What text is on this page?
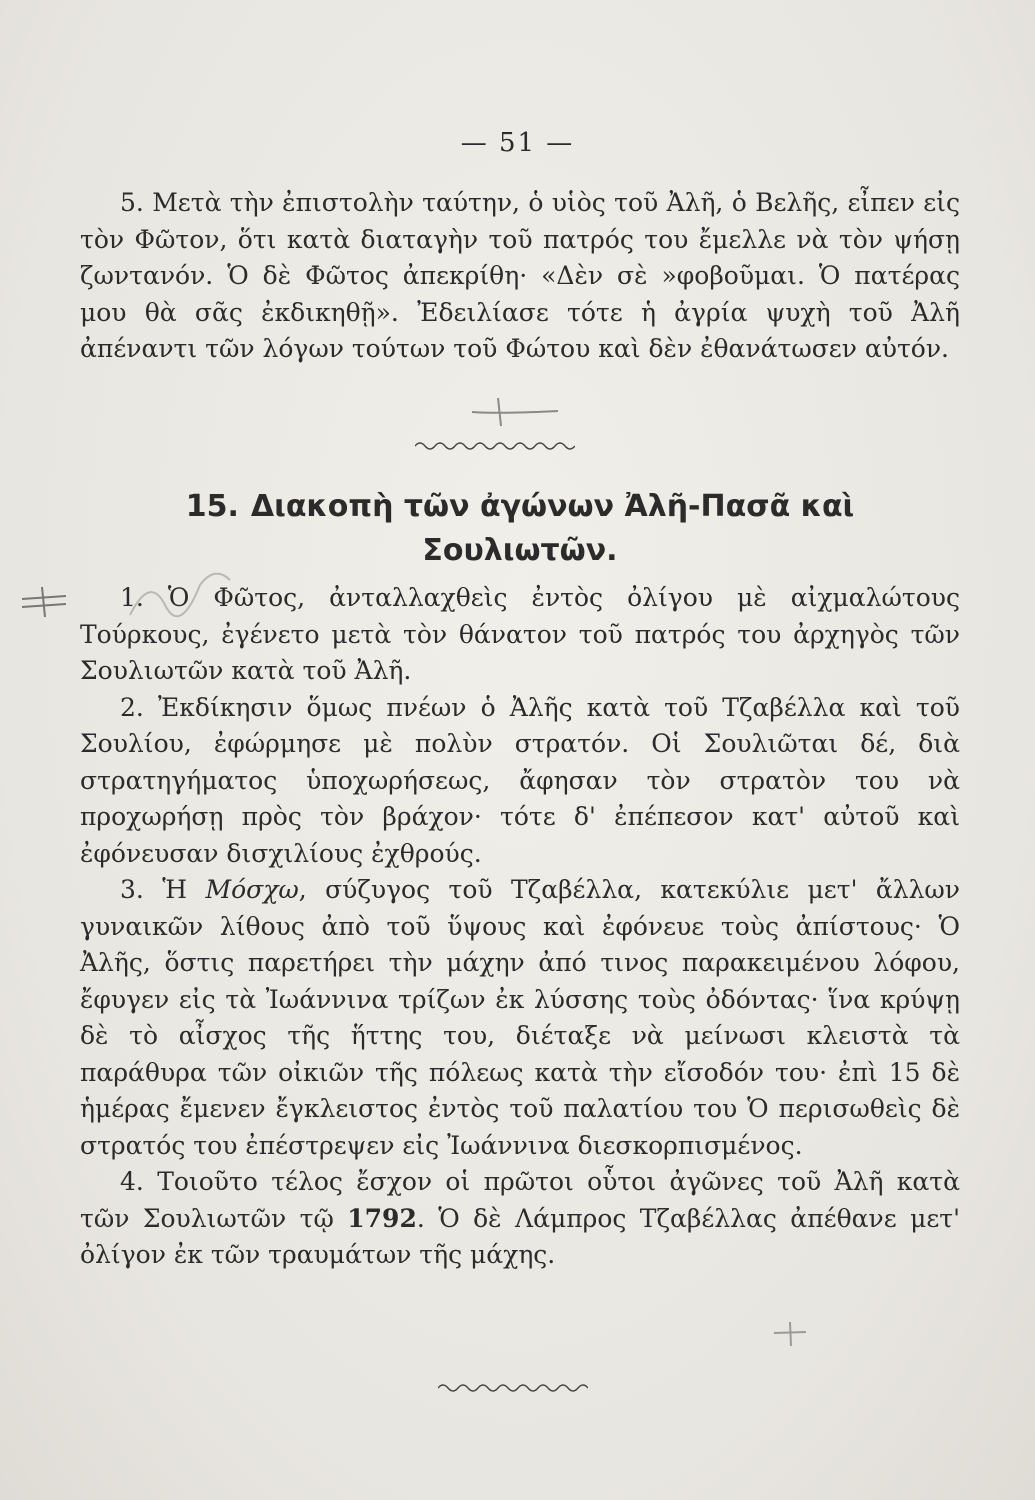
— 51 —

5. Μετὰ τὴν ἐπιστολὴν ταύτην, ὁ υἱὸς τοῦ Ἀλῆ, ὁ Βελῆς, εἶπεν εἰς τὸν Φῶτον, ὅτι κατὰ διαταγὴν τοῦ πατρός του ἔμελλε νὰ τὸν ψήσῃ ζωντανόν. Ὁ δὲ Φῶτος ἀπεκρίθη· «Δὲν σὲ »φοβοῦμαι. Ὁ πατέρας μου θὰ σᾶς ἐκδικηθῇ». Ἐδειλίασε τότε ἡ ἀγρία ψυχὴ τοῦ Ἀλῆ ἀπέναντι τῶν λόγων τούτων τοῦ Φώτου καὶ δὲν ἐθανάτωσεν αὐτόν.

15. Διακοπὴ τῶν ἀγώνων Ἀλῆ-Πασᾶ καὶ Σουλιωτῶν.

1. Ὁ Φῶτος, ἀνταλλαχθεὶς ἐντὸς ὀλίγου μὲ αἰχμαλώτους Τούρκους, ἐγένετο μετὰ τὸν θάνατον τοῦ πατρός του ἀρχηγὸς τῶν Σουλιωτῶν κατὰ τοῦ Ἀλῆ.

2. Ἐκδίκησιν ὅμως πνέων ὁ Ἀλῆς κατὰ τοῦ Τζαβέλλα καὶ τοῦ Σουλίου, ἐφώρμησε μὲ πολὺν στρατόν. Οἱ Σουλιῶται δέ, διὰ στρατηγήματος ὑποχωρήσεως, ἄφησαν τὸν στρατὸν του νὰ προχωρήσῃ πρὸς τὸν βράχον· τότε δ' ἐπέπεσον κατ' αὐτοῦ καὶ ἐφόνευσαν δισχιλίους ἐχθρούς.

3. Ἡ Μόσχω, σύζυγος τοῦ Τζαβέλλα, κατεκύλιε μετ' ἄλλων γυναικῶν λίθους ἀπὸ τοῦ ὕψους καὶ ἐφόνευε τοὺς ἀπίστους· Ὁ Ἀλῆς, ὅστις παρετήρει τὴν μάχην ἀπό τινος παρακειμένου λόφου, ἔφυγεν εἰς τὰ Ἰωάννινα τρίζων ἐκ λύσσης τοὺς ὀδόντας· ἵνα κρύψῃ δὲ τὸ αἶσχος τῆς ἥττης του, διέταξε νὰ μείνωσι κλειστὰ τὰ παράθυρα τῶν οἰκιῶν τῆς πόλεως κατὰ τὴν εἴσοδόν του· ἐπὶ 15 δὲ ἡμέρας ἔμενεν ἔγκλειστος ἐντὸς τοῦ παλατίου του Ὁ περισωθεὶς δὲ στρατός του ἐπέστρεψεν εἰς Ἰωάννινα διεσκορπισμένος.

4. Τοιοῦτο τέλος ἔσχον οἱ πρῶτοι οὗτοι ἀγῶνες τοῦ Ἀλῆ κατὰ τῶν Σουλιωτῶν τῷ 1792. Ὁ δὲ Λάμπρος Τζαβέλλας ἀπέθανε μετ' ὀλίγον ἐκ τῶν τραυμάτων τῆς μάχης.
